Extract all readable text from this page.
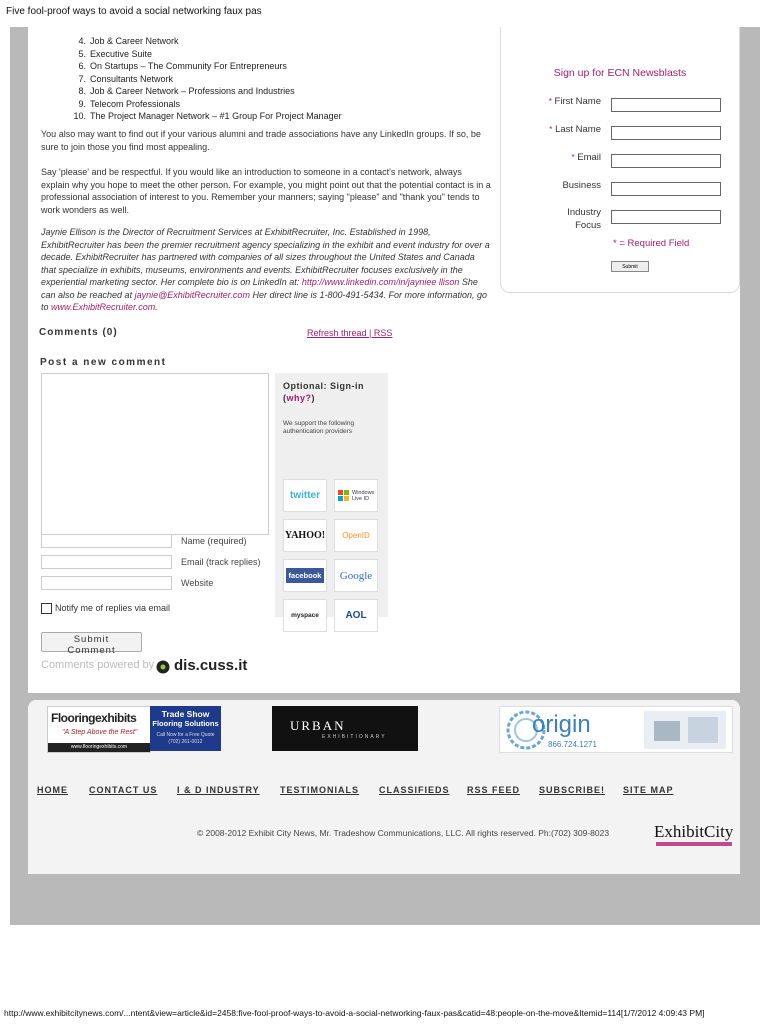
Five fool-proof ways to avoid a social networking faux pas
4. Job & Career Network
5. Executive Suite
6. On Startups – The Community For Entrepreneurs
7. Consultants Network
8. Job & Career Network – Professions and Industries
9. Telecom Professionals
10. The Project Manager Network – #1 Group For Project Manager
You also may want to find out if your various alumni and trade associations have any LinkedIn groups. If so, be sure to join those you find most appealing.
Say 'please' and be respectful. If you would like an introduction to someone in a contact's network, always explain why you hope to meet the other person. For example, you might point out that the potential contact is in a professional association of interest to you. Remember your manners; saying "please" and "thank you" tends to work wonders as well.
Jaynie Ellison is the Director of Recruitment Services at ExhibitRecruiter, Inc. Established in 1998, ExhibitRecruiter has been the premier recruitment agency specializing in the exhibit and event industry for over a decade. ExhibitRecruiter has partnered with companies of all sizes throughout the United States and Canada that specialize in exhibits, museums, environments and events. ExhibitRecruiter focuses exclusively in the experiential marketing sector. Her complete bio is on LinkedIn at: http://www.linkedin.com/in/jayniee llison She can also be reached at jaynie@ExhibitRecruiter.com Her direct line is 1-800-491-5434. For more information, go to www.ExhibitRecruiter.com.
Sign up for ECN Newsblasts
* First Name
* Last Name
* Email
Business
Industry Focus
* = Required Field
Submit
Comments (0)	Refresh thread | RSS
Post a new comment
Optional: Sign-in
(why?)
We support the following authentication providers
twitter	Windows Live ID
YAHOO! OpenID
facebook Google
myspace	AOL
Name (required)
Email (track replies)
Website
Notify me of replies via email
Submit Comment
Comments powered by dis.cuss.it
Flooringexhibits
"A Step Above the Rest"
www.flooringexhibits.com
Trade Show
Flooring Solutions
Call Now for a Free Quote
(702) 261-0012
URBAN
EXHIBITIONARY	origin
866.724.1271
HOME CONTACT US I & D INDUSTRY TESTIMONIALS CLASSIFIEDS RSS FEED SUBSCRIBE! SITE MAP
© 2008-2012 Exhibit City News, Mr. Tradeshow Communications, LLC. All rights reserved. Ph:(702) 309-8023	ExhibitCity
http://www.exhibitcitynews.com/...ntent&view=article&id=2458:five-fool-proof-ways-to-avoid-a-social-networking-faux-pas&catid=48:people-on-the-move&Itemid=114[1/7/2012 4:09:43 PM]
